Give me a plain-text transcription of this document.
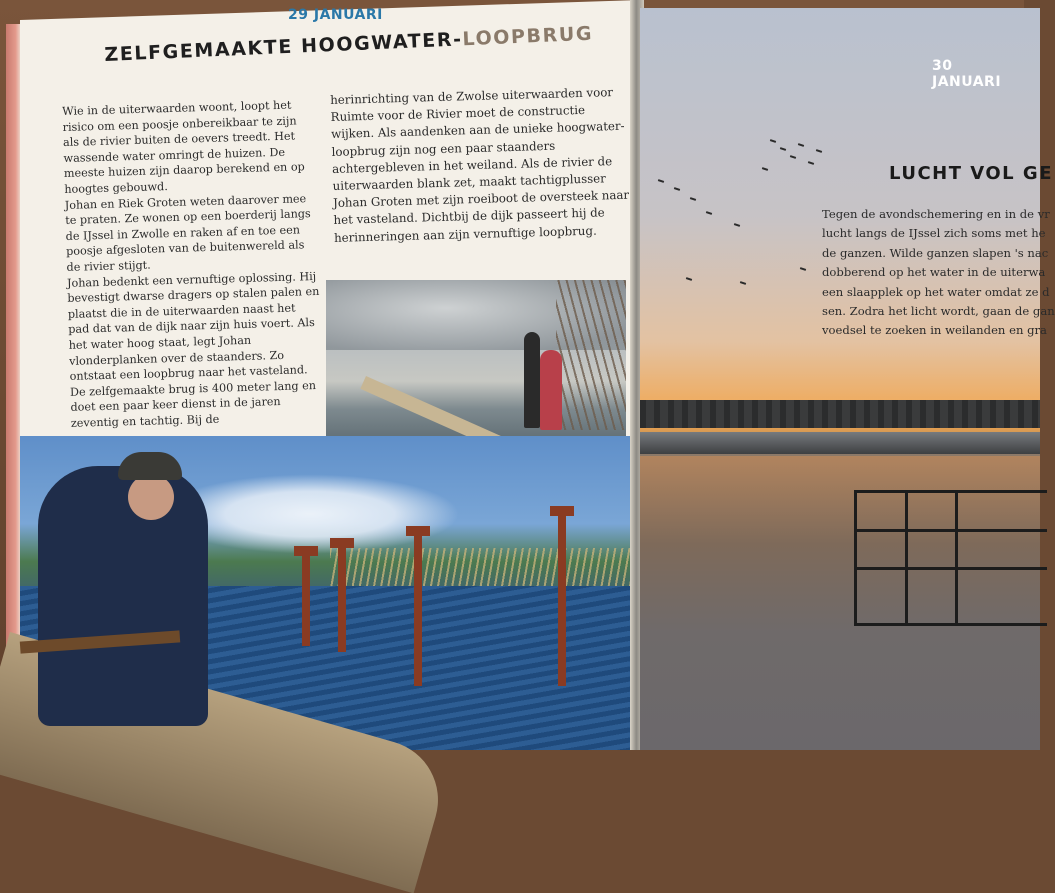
29 JANUARI
ZELFGEMAAKTE HOOGWATER-LOOPBRUG

Wie in de uiterwaarden woont, loopt het risico om een poosje onbereikbaar te zijn als de rivier buiten de oevers treedt. Het wassende water omringt de huizen. De meeste huizen zijn daarop berekend en op hoogtes gebouwd.

Johan en Riek Groten weten daarover mee te praten. Ze wonen op een boerderij langs de IJssel in Zwolle en raken af en toe een poosje afgesloten van de buitenwereld als de rivier stijgt.

Johan bedenkt een vernuftige oplossing. Hij bevestigt dwarse dragers op stalen palen en plaatst die in de uiterwaarden naast het pad dat van de dijk naar zijn huis voert. Als het water hoog staat, legt Johan vlonderplanken over de staanders. Zo ontstaat een loopbrug naar het vasteland.

De zelfgemaakte brug is 400 meter lang en doet een paar keer dienst in de jaren zeventig en tachtig. Bij de

herinrichting van de Zwolse uiterwaarden voor Ruimte voor de Rivier moet de constructie wijken. Als aandenken aan de unieke hoogwater-loopbrug zijn nog een paar staanders achtergebleven in het weiland. Als de rivier de uiterwaarden blank zet, maakt tachtigplusser Johan Groten met zijn roeiboot de oversteek naar het vasteland. Dichtbij de dijk passeert hij de herinneringen aan zijn vernuftige loopbrug.

30 JANUARI
LUCHT VOL GE

Tegen de avondschemering en in de vr

lucht langs de IJssel zich soms met he

de ganzen. Wilde ganzen slapen 's nac

dobberend op het water in de uiterwa

een slaapplek op het water omdat ze d

sen. Zodra het licht wordt, gaan de gan

voedsel te zoeken in weilanden en gra
